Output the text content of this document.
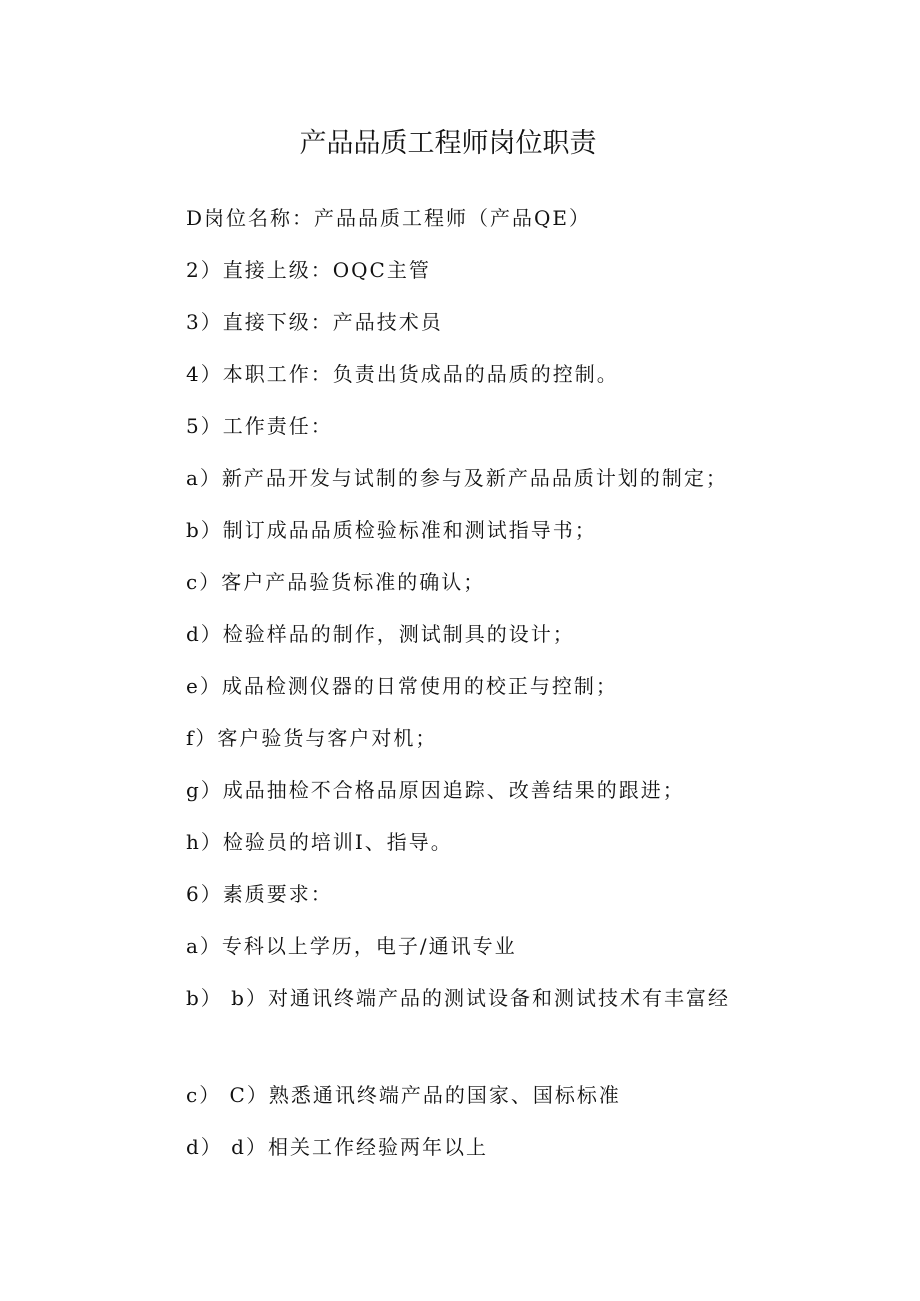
产品品质工程师岗位职责
D岗位名称：产品品质工程师（产品QE）
2）直接上级：OQC主管
3）直接下级：产品技术员
4）本职工作：负责出货成品的品质的控制。
5）工作责任：
a）新产品开发与试制的参与及新产品品质计划的制定；
b）制订成品品质检验标准和测试指导书；
c）客户产品验货标准的确认；
d）检验样品的制作，测试制具的设计；
e）成品检测仪器的日常使用的校正与控制；
f）客户验货与客户对机；
g）成品抽检不合格品原因追踪、改善结果的跟进；
h）检验员的培训I、指导。
6）素质要求：
a）专科以上学历，电子/通讯专业
b） b）对通讯终端产品的测试设备和测试技术有丰富经
c） C）熟悉通讯终端产品的国家、国标标准
d） d）相关工作经验两年以上
